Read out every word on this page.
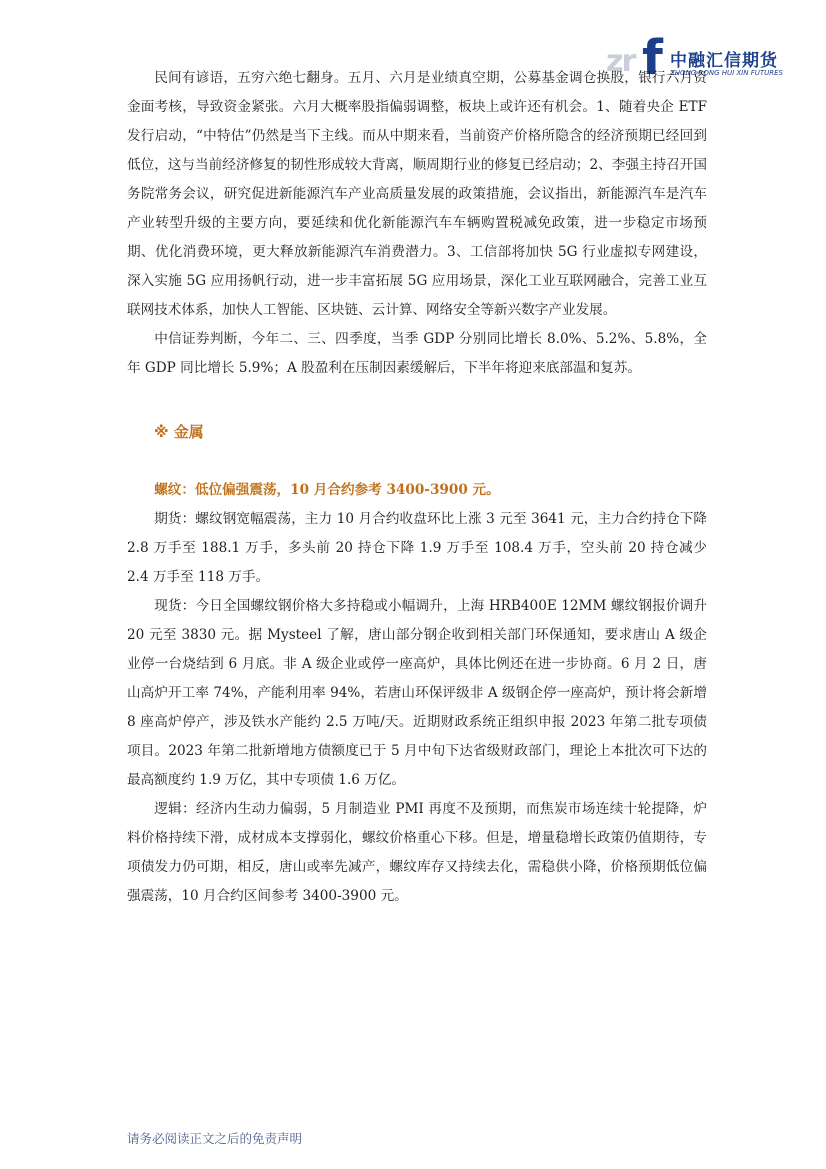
zr f 中融汇信期货
ZHONG RONG HUI XIN FUTURES

民间有谚语，五穷六绝七翻身。五月、六月是业绩真空期，公募基金调仓换股，银行六月资金面考核，导致资金紧张。六月大概率股指偏弱调整，板块上或许还有机会。1、随着央企 ETF 发行启动，“中特估”仍然是当下主线。而从中期来看，当前资产价格所隐含的经济预期已经回到低位，这与当前经济修复的韧性形成较大背离，顺周期行业的修复已经启动；2、李强主持召开国务院常务会议，研究促进新能源汽车产业高质量发展的政策措施，会议指出，新能源汽车是汽车产业转型升级的主要方向，要延续和优化新能源汽车车辆购置税减免政策，进一步稳定市场预期、优化消费环境，更大释放新能源汽车消费潜力。3、工信部将加快 5G 行业虚拟专网建设，深入实施 5G 应用扬帆行动，进一步丰富拓展 5G 应用场景，深化工业互联网融合，完善工业互联网技术体系，加快人工智能、区块链、云计算、网络安全等新兴数字产业发展。

中信证券判断，今年二、三、四季度，当季 GDP 分别同比增长 8.0%、5.2%、5.8%，全年 GDP 同比增长 5.9%；A 股盈利在压制因素缓解后，下半年将迎来底部温和复苏。

※ 金属

螺纹：低位偏强震荡，10 月合约参考 3400-3900 元。

期货：螺纹钢宽幅震荡，主力 10 月合约收盘环比上涨 3 元至 3641 元，主力合约持仓下降 2.8 万手至 188.1 万手，多头前 20 持仓下降 1.9 万手至 108.4 万手，空头前 20 持仓减少 2.4 万手至 118 万手。

现货：今日全国螺纹钢价格大多持稳或小幅调升，上海 HRB400E 12MM 螺纹钢报价调升 20 元至 3830 元。据 Mysteel 了解，唐山部分钢企收到相关部门环保通知，要求唐山 A 级企业停一台烧结到 6 月底。非 A 级企业或停一座高炉，具体比例还在进一步协商。6 月 2 日，唐山高炉开工率 74%，产能利用率 94%，若唐山环保评级非 A 级钢企停一座高炉，预计将会新增 8 座高炉停产，涉及铁水产能约 2.5 万吨/天。近期财政系统正组织申报 2023 年第二批专项债项目。2023 年第二批新增地方债额度已于 5 月中旬下达省级财政部门，理论上本批次可下达的最高额度约 1.9 万亿，其中专项债 1.6 万亿。

逻辑：经济内生动力偏弱，5 月制造业 PMI 再度不及预期，而焦炭市场连续十轮提降，炉料价格持续下滑，成材成本支撑弱化，螺纹价格重心下移。但是，增量稳增长政策仍值期待，专项债发力仍可期，相反，唐山或率先减产，螺纹库存又持续去化，需稳供小降，价格预期低位偏强震荡，10 月合约区间参考 3400-3900 元。

请务必阅读正文之后的免责声明
